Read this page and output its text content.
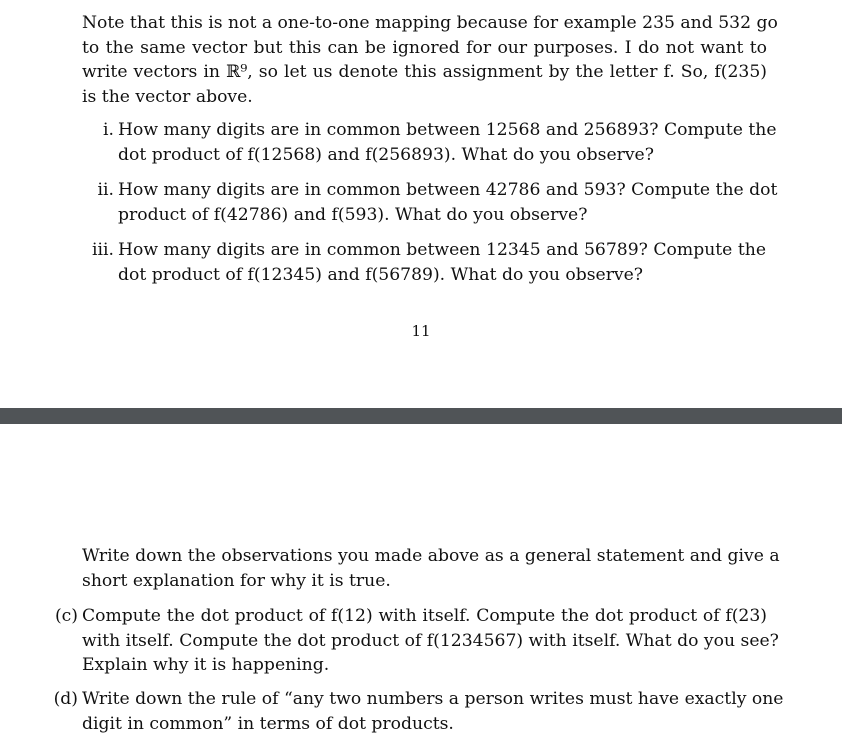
Note that this is not a one-to-one mapping because for example 235 and 532 go
to the same vector but this can be ignored for our purposes. I do not want to
write vectors in ℝ⁹, so let us denote this assignment by the letter f. So, f(235)
is the vector above.
i. How many digits are in common between 12568 and 256893? Compute the
dot product of f(12568) and f(256893). What do you observe?
ii. How many digits are in common between 42786 and 593? Compute the dot
product of f(42786) and f(593). What do you observe?
iii. How many digits are in common between 12345 and 56789? Compute the
dot product of f(12345) and f(56789). What do you observe?
11
Write down the observations you made above as a general statement and give a
short explanation for why it is true.
(c) Compute the dot product of f(12) with itself. Compute the dot product of f(23)
with itself. Compute the dot product of f(1234567) with itself. What do you see?
Explain why it is happening.
(d) Write down the rule of “any two numbers a person writes must have exactly one
digit in common” in terms of dot products.
